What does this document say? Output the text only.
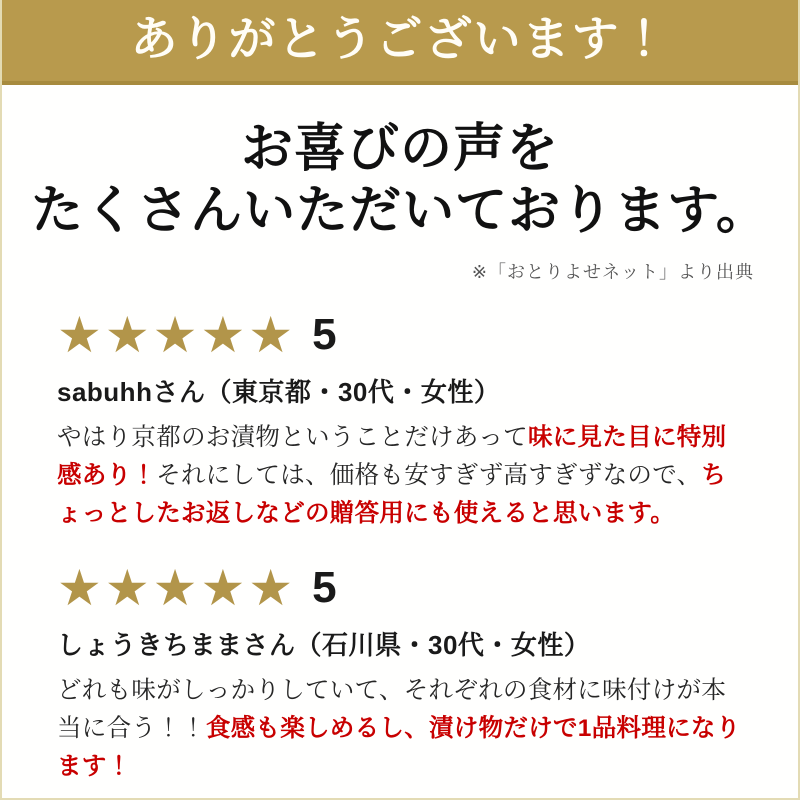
ありがとうございます！
お喜びの声を
たくさんいただいております。
※「おとりよせネット」より出典
★★★★★ 5
sabuhhさん（東京都・30代・女性）
やはり京都のお漬物ということだけあって味に見た目に特別感あり！それにしては、価格も安すぎず高すぎずなので、ちょっとしたお返しなどの贈答用にも使えると思います。
★★★★★ 5
しょうきちままさん（石川県・30代・女性）
どれも味がしっかりしていて、それぞれの食材に味付けが本当に合う！！食感も楽しめるし、漬け物だけで1品料理になります！
